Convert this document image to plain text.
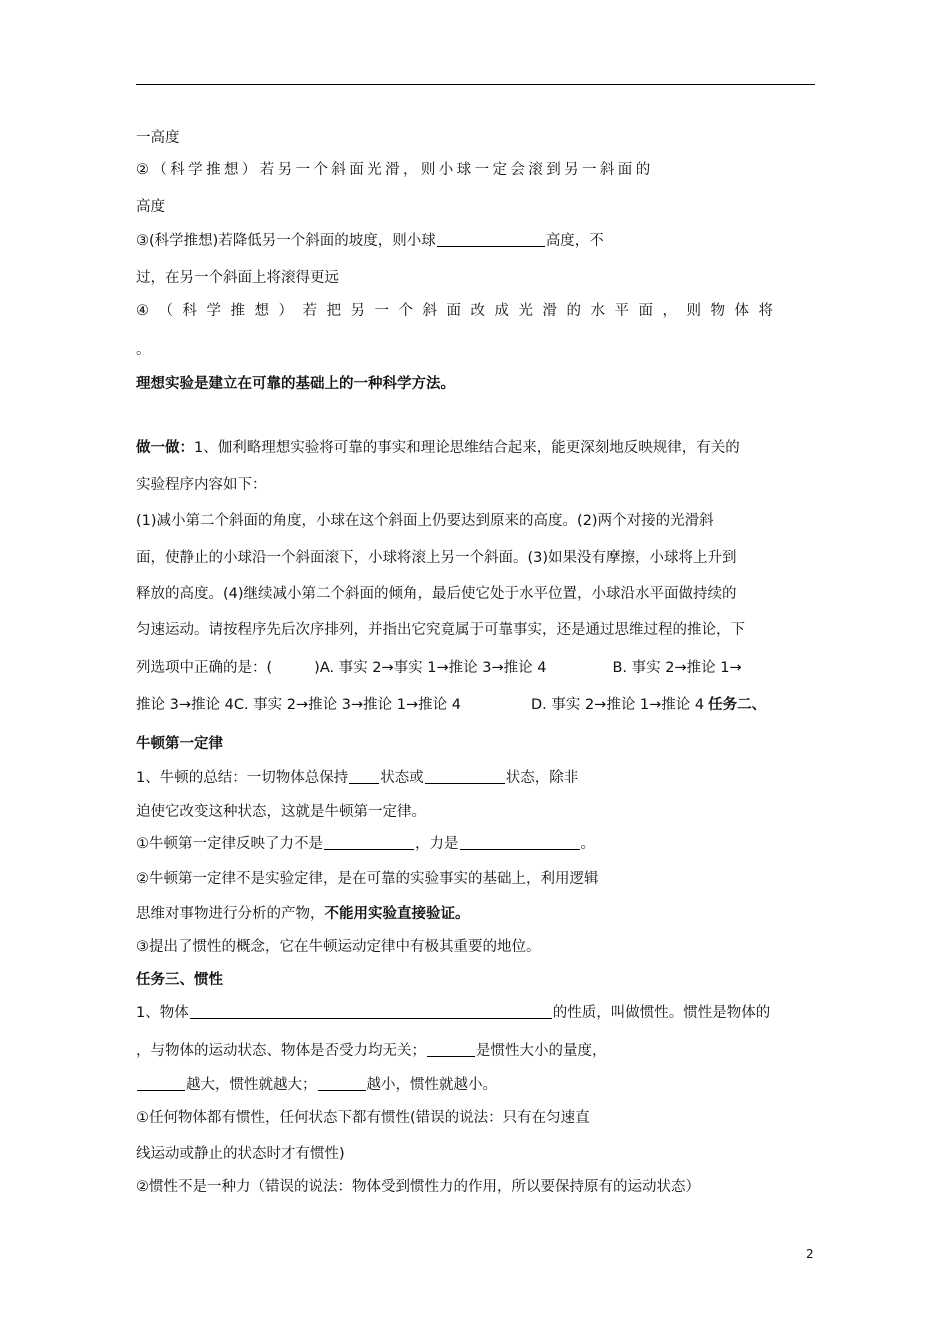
一高度
②（科学推想）若另一个斜面光滑，则小球一定会滚到另一斜面的
高度
③(科学推想)若降低另一个斜面的坡度，则小球	高度，不
过，在另一个斜面上将滚得更远
④（科学推想）若把另一个斜面改成光滑的水平面，则物体将
。
理想实验是建立在可靠的基础上的一种科学方法。
做一做：1、伽利略理想实验将可靠的事实和理论思维结合起来，能更深刻地反映规律，有关的
实验程序内容如下：
(1)减小第二个斜面的角度，小球在这个斜面上仍要达到原来的高度。(2)两个对接的光滑斜
面，使静止的小球沿一个斜面滚下，小球将滚上另一个斜面。(3)如果没有摩擦，小球将上升到
释放的高度。(4)继续减小第二个斜面的倾角，最后使它处于水平位置，小球沿水平面做持续的
匀速运动。请按程序先后次序排列，并指出它究竟属于可靠事实，还是通过思维过程的推论，下
列选项中正确的是：(	)A. 事实 2→事实 1→推论 3→推论 4	B. 事实 2→推论 1→
推论 3→推论 4C. 事实 2→推论 3→推论 1→推论 4	D. 事实 2→推论 1→推论 4 任务二、
牛顿第一定律
1、牛顿的总结：一切物体总保持 状态或	状态，除非
迫使它改变这种状态，这就是牛顿第一定律。
①牛顿第一定律反映了力不是	，力是	。
②牛顿第一定律不是实验定律，是在可靠的实验事实的基础上，利用逻辑
思维对事物进行分析的产物，不能用实验直接验证。
③提出了惯性的概念，它在牛顿运动定律中有极其重要的地位。
任务三、惯性
1、物体	的性质，叫做惯性。惯性是物体的
，与物体的运动状态、物体是否受力均无关；	是惯性大小的量度，
越大，惯性就越大；	越小，惯性就越小。
①任何物体都有惯性，任何状态下都有惯性(错误的说法：只有在匀速直
线运动或静止的状态时才有惯性)
②惯性不是一种力（错误的说法：物体受到惯性力的作用，所以要保持原有的运动状态）
2
